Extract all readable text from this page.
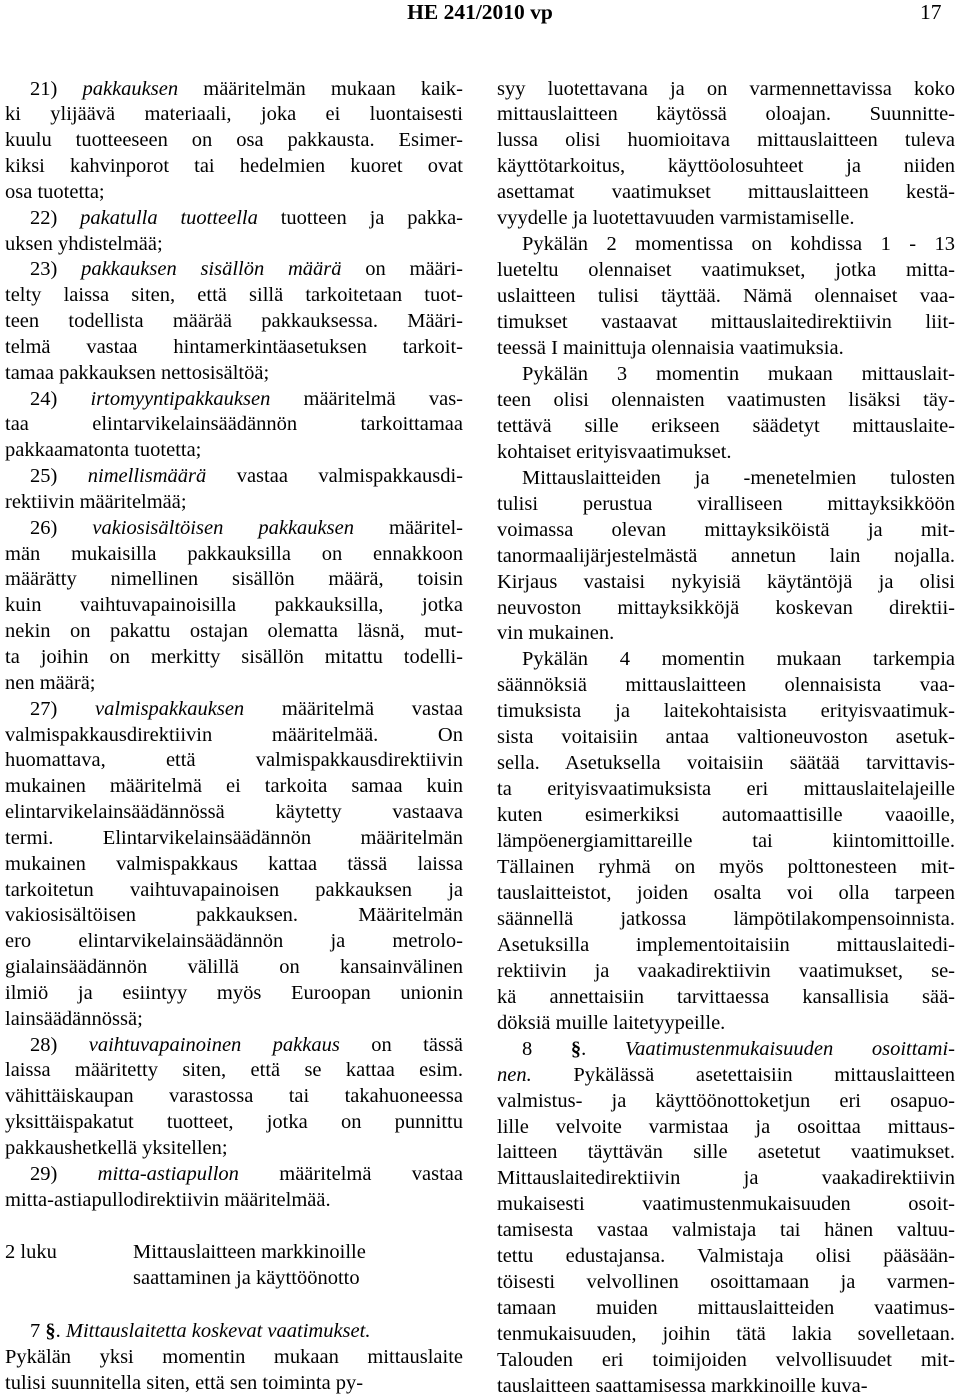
HE 241/2010 vp	17
21) pakkauksen määritelmän mukaan kaik-
ki ylijäävä materiaali, joka ei luontaisesti
kuulu tuotteeseen on osa pakkausta. Esimer-
kiksi kahvinporot tai hedelmien kuoret ovat
osa tuotetta;
22) pakatulla tuotteella tuotteen ja pakka-
uksen yhdistelmää;
23) pakkauksen sisällön määrä on määri-
telty laissa siten, että sillä tarkoitetaan tuot-
teen todellista määrää pakkauksessa. Määri-
telmä vastaa hintamerkintäasetuksen tarkoit-
tamaa pakkauksen nettosisältöä;
24) irtomyyntipakkauksen määritelmä vas-
taa elintarvikelainsäädännön tarkoittamaa
pakkaamatonta tuotetta;
25) nimellismäärä vastaa valmispakkausdi-
rektiivin määritelmää;
26) vakiosisältöisen pakkauksen määritel-
män mukaisilla pakkauksilla on ennakkoon
määrätty nimellinen sisällön määrä, toisin
kuin vaihtuvapainoisilla pakkauksilla, jotka
nekin on pakattu ostajan olematta läsnä, mut-
ta joihin on merkitty sisällön mitattu todelli-
nen määrä;
27) valmispakkauksen määritelmä vastaa
valmispakkausdirektiivin määritelmää. On
huomattava, että valmispakkausdirektiivin
mukainen määritelmä ei tarkoita samaa kuin
elintarvikelainsäädännössä käytetty vastaava
termi. Elintarvikelainsäädännön määritelmän
mukainen valmispakkaus kattaa tässä laissa
tarkoitetun vaihtuvapainoisen pakkauksen ja
vakiosisältöisen pakkauksen. Määritelmän
ero elintarvikelainsäädännön ja metrolo-
gialainsäädännön välillä on kansainvälinen
ilmiö ja esiintyy myös Euroopan unionin
lainsäädännössä;
28) vaihtuvapainoinen pakkaus on tässä
laissa määritetty siten, että se kattaa esim.
vähittäiskaupan varastossa tai takahuoneessa
yksittäispakatut tuotteet, jotka on punnittu
pakkaushetkellä yksitellen;
29) mitta-astiapullon määritelmä vastaa
mitta-astiapullodirektiivin määritelmää.
2 luku	Mittauslaitteen markkinoille
saattaminen ja käyttöönotto
7 §. Mittauslaitetta koskevat vaatimukset.
Pykälän yksi momentin mukaan mittauslaite
tulisi suunnitella siten, että sen toiminta py-
syy luotettavana ja on varmennettavissa koko
mittauslaitteen käytössä oloajan. Suunnitte-
lussa olisi huomioitava mittauslaitteen tuleva
käyttötarkoitus, käyttöolosuhteet ja niiden
asettamat vaatimukset mittauslaitteen kestä-
vyydelle ja luotettavuuden varmistamiselle.
Pykälän 2 momentissa on kohdissa 1 - 13
lueteltu olennaiset vaatimukset, jotka mitta-
uslaitteen tulisi täyttää. Nämä olennaiset vaa-
timukset vastaavat mittauslaitedirektiivin liit-
teessä I mainittuja olennaisia vaatimuksia.
Pykälän 3 momentin mukaan mittauslait-
teen olisi olennaisten vaatimusten lisäksi täy-
tettävä sille erikseen säädetyt mittauslaite-
kohtaiset erityisvaatimukset.
Mittauslaitteiden ja -menetelmien tulosten
tulisi perustua viralliseen mittayksikköön
voimassa olevan mittayksiköistä ja mit-
tanormaalijärjestelmästä annetun lain nojalla.
Kirjaus vastaisi nykyisiä käytäntöjä ja olisi
neuvoston mittayksikköjä koskevan direktii-
vin mukainen.
Pykälän 4 momentin mukaan tarkempia
säännöksiä mittauslaitteen olennaisista vaa-
timuksista ja laitekohtaisista erityisvaatimuk-
sista voitaisiin antaa valtioneuvoston asetuk-
sella. Asetuksella voitaisiin säätää tarvittavis-
ta erityisvaatimuksista eri mittauslaitelajeille
kuten esimerkiksi automaattisille vaaoille,
lämpöenergiamittareille tai kiintomittoille.
Tällainen ryhmä on myös polttonesteen mit-
tauslaitteistot, joiden osalta voi olla tarpeen
säännellä jatkossa lämpötilakompensoinnista.
Asetuksilla implementoitaisiin mittauslaitedi-
rektiivin ja vaakadirektiivin vaatimukset, se-
kä annettaisiin tarvittaessa kansallisia sää-
döksiä muille laitetyypeille.
8 §. Vaatimustenmukaisuuden osoittami-
nen. Pykälässä asetettaisiin mittauslaitteen
valmistus- ja käyttöönottoketjun eri osapuo-
lille velvoite varmistaa ja osoittaa mittaus-
laitteen täyttävän sille asetetut vaatimukset.
Mittauslaitedirektiivin ja vaakadirektiivin
mukaisesti vaatimustenmukaisuuden osoit-
tamisesta vastaa valmistaja tai hänen valtuu-
tettu edustajansa. Valmistaja olisi pääsään-
töisesti velvollinen osoittamaan ja varmen-
tamaan muiden mittauslaitteiden vaatimus-
tenmukaisuuden, joihin tätä lakia sovelletaan.
Talouden eri toimijoiden velvollisuudet mit-
tauslaitteen saattamisessa markkinoille kuva-
